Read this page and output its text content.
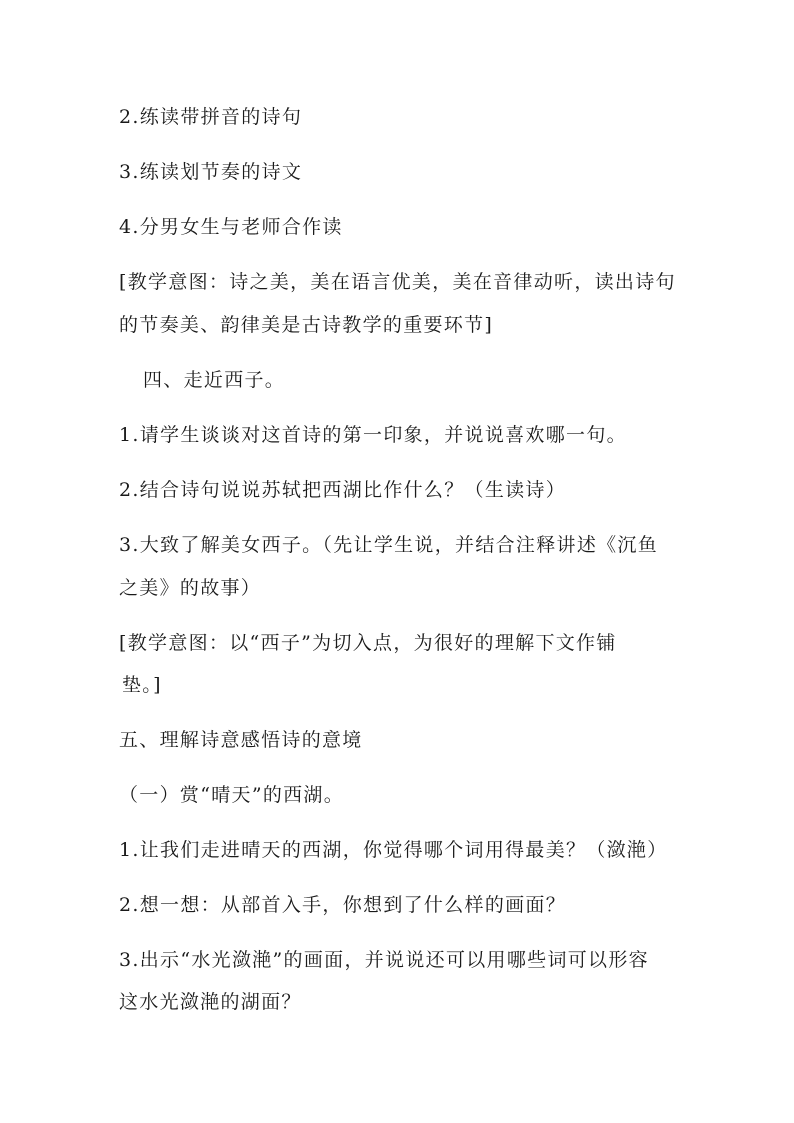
2.练读带拼音的诗句
3.练读划节奏的诗文
4.分男女生与老师合作读
[教学意图：诗之美，美在语言优美，美在音律动听，读出诗句
的节奏美、韵律美是古诗教学的重要环节]
四、走近西子。
1.请学生谈谈对这首诗的第一印象，并说说喜欢哪一句。
2.结合诗句说说苏轼把西湖比作什么？（生读诗）
3.大致了解美女西子。（先让学生说，并结合注释讲述《沉鱼
之美》的故事）
[教学意图：以“西子”为切入点，为很好的理解下文作铺
垫。]
五、理解诗意感悟诗的意境
（一）赏“晴天”的西湖。
1.让我们走进晴天的西湖，你觉得哪个词用得最美？（潋滟）
2.想一想：从部首入手，你想到了什么样的画面？
3.出示“水光潋滟”的画面，并说说还可以用哪些词可以形容
这水光潋滟的湖面？
